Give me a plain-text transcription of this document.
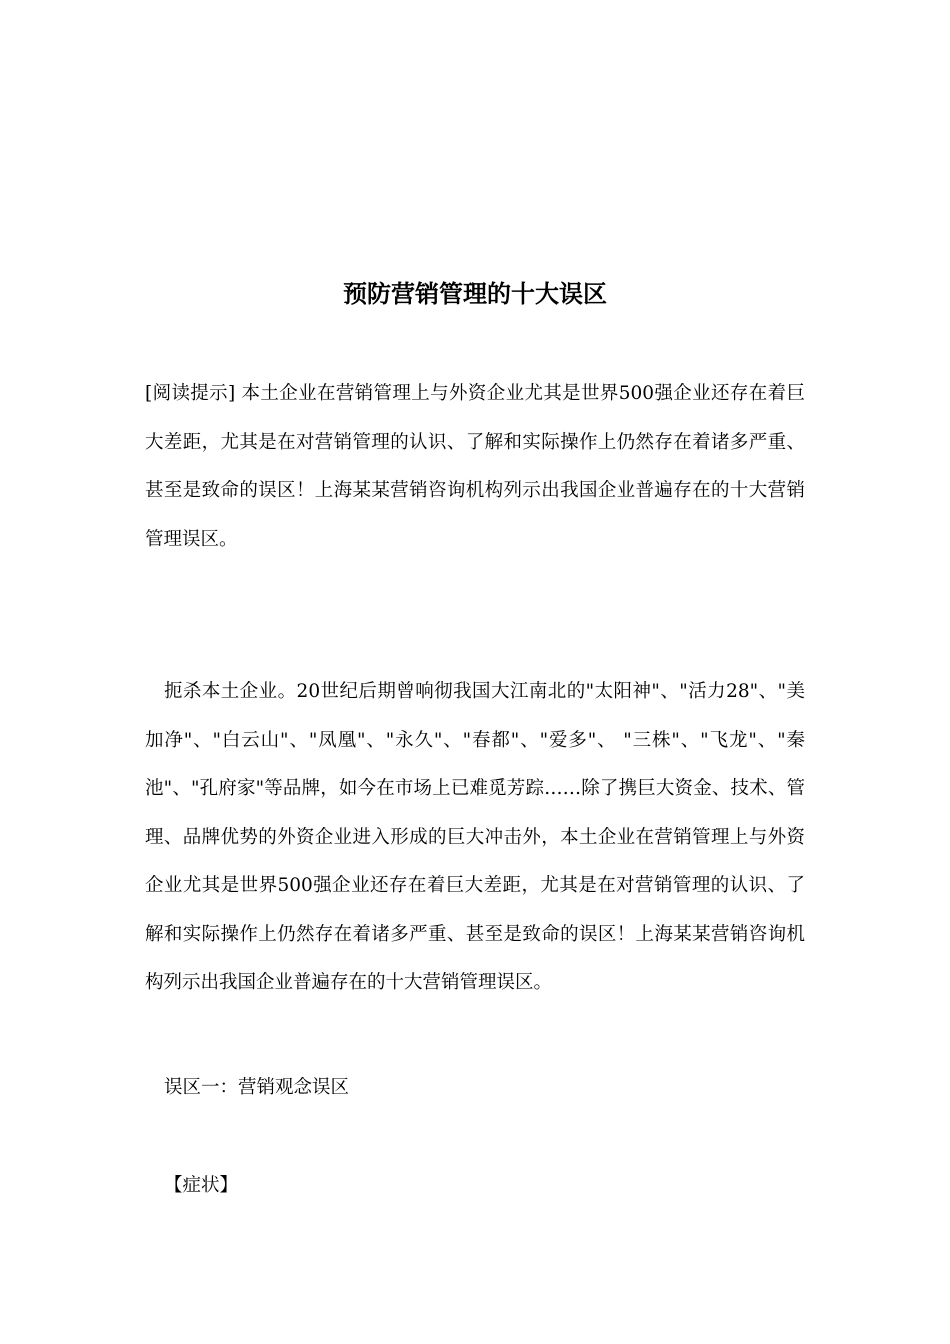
预防营销管理的十大误区

[阅读提示] 本土企业在营销管理上与外资企业尤其是世界500强企业还存在着巨大差距，尤其是在对营销管理的认识、了解和实际操作上仍然存在着诸多严重、甚至是致命的误区！上海某某营销咨询机构列示出我国企业普遍存在的十大营销管理误区。

扼杀本土企业。20世纪后期曾响彻我国大江南北的"太阳神"、"活力28"、"美加净"、"白云山"、"凤凰"、"永久"、"春都"、"爱多"、 "三株"、"飞龙"、"秦池"、"孔府家"等品牌，如今在市场上已难觅芳踪……除了携巨大资金、技术、管理、品牌优势的外资企业进入形成的巨大冲击外，本土企业在营销管理上与外资企业尤其是世界500强企业还存在着巨大差距，尤其是在对营销管理的认识、了解和实际操作上仍然存在着诸多严重、甚至是致命的误区！上海某某营销咨询机构列示出我国企业普遍存在的十大营销管理误区。

误区一：营销观念误区

【症状】
